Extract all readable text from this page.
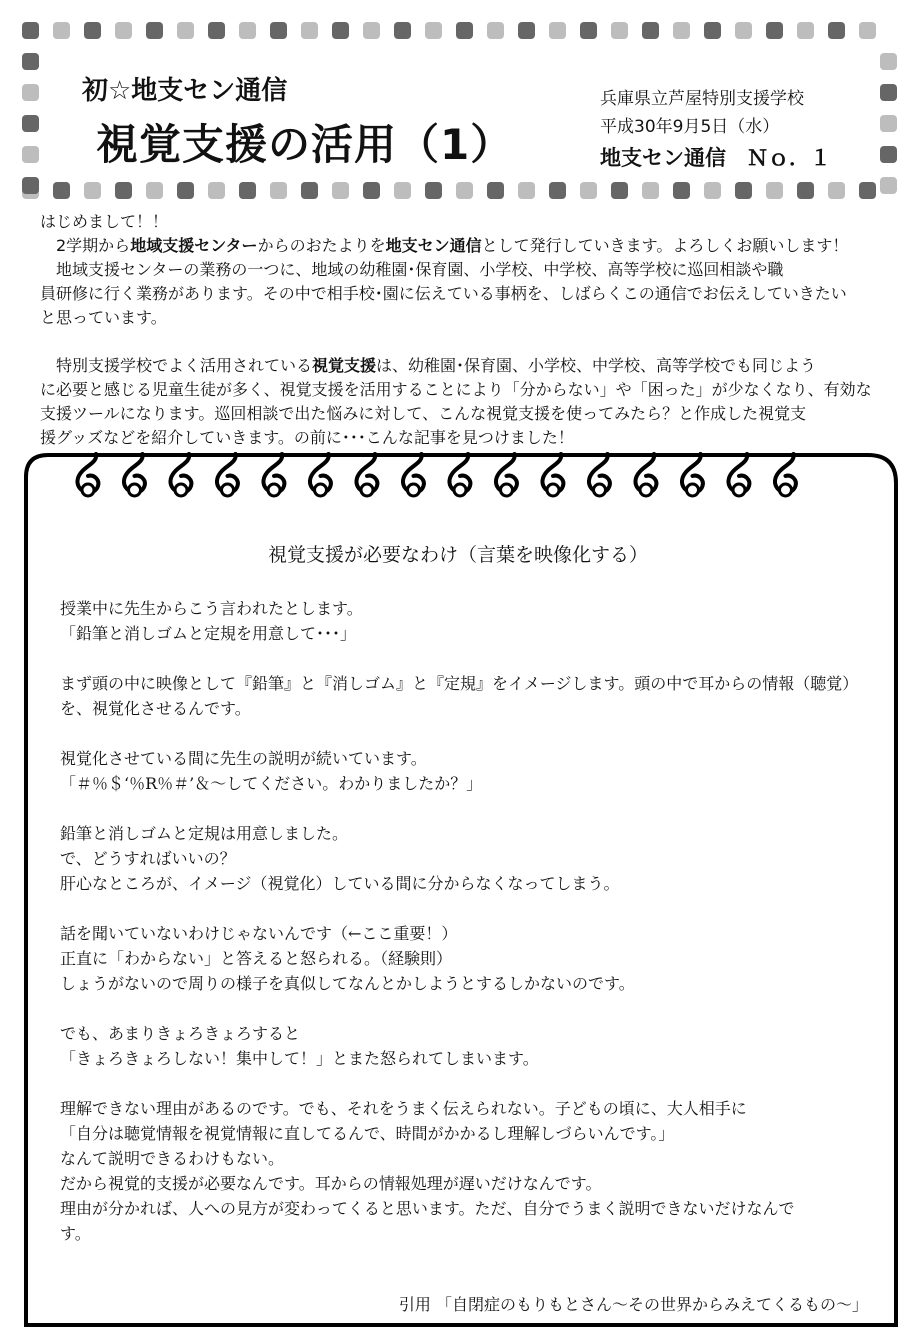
初☆地支セン通信
視覚支援の活用（1）
兵庫県立芦屋特別支援学校
平成30年9月5日（水）
地支セン通信　Ｎｏ．１

はじめまして！！

　2学期から地域支援センターからのおたよりを地支セン通信として発行していきます。よろしくお願いします！

　地域支援センターの業務の一つに、地域の幼稚園･保育園、小学校、中学校、高等学校に巡回相談や職

員研修に行く業務があります。その中で相手校･園に伝えている事柄を、しばらくこの通信でお伝えしていきたい

と思っています。

　特別支援学校でよく活用されている視覚支援は、幼稚園･保育園、小学校、中学校、高等学校でも同じよう

に必要と感じる児童生徒が多く、視覚支援を活用することにより「分からない」や「困った」が少なくなり、有効な

支援ツールになります。巡回相談で出た悩みに対して、こんな視覚支援を使ってみたら？と作成した視覚支

援グッズなどを紹介していきます。の前に･･･こんな記事を見つけました！

視覚支援が必要なわけ（言葉を映像化する）

授業中に先生からこう言われたとします。

「鉛筆と消しゴムと定規を用意して･･･」

まず頭の中に映像として『鉛筆』と『消しゴム』と『定規』をイメージします。頭の中で耳からの情報（聴覚）

を、視覚化させるんです。

視覚化させている間に先生の説明が続いています。

「＃％＄‘％R％＃’＆～してください。わかりましたか？」

鉛筆と消しゴムと定規は用意しました。

で、どうすればいいの？

肝心なところが、イメージ（視覚化）している間に分からなくなってしまう。

話を聞いていないわけじゃないんです（←ここ重要！）

正直に「わからない」と答えると怒られる。（経験則）

しょうがないので周りの様子を真似してなんとかしようとするしかないのです。

でも、あまりきょろきょろすると

「きょろきょろしない！集中して！」とまた怒られてしまいます。

理解できない理由があるのです。でも、それをうまく伝えられない。子どもの頃に、大人相手に

「自分は聴覚情報を視覚情報に直してるんで、時間がかかるし理解しづらいんです。」

なんて説明できるわけもない。

だから視覚的支援が必要なんです。耳からの情報処理が遅いだけなんです。

理由が分かれば、人への見方が変わってくると思います。ただ、自分でうまく説明できないだけなんで

す。

引用 「自閉症のもりもとさん～その世界からみえてくるもの～」
